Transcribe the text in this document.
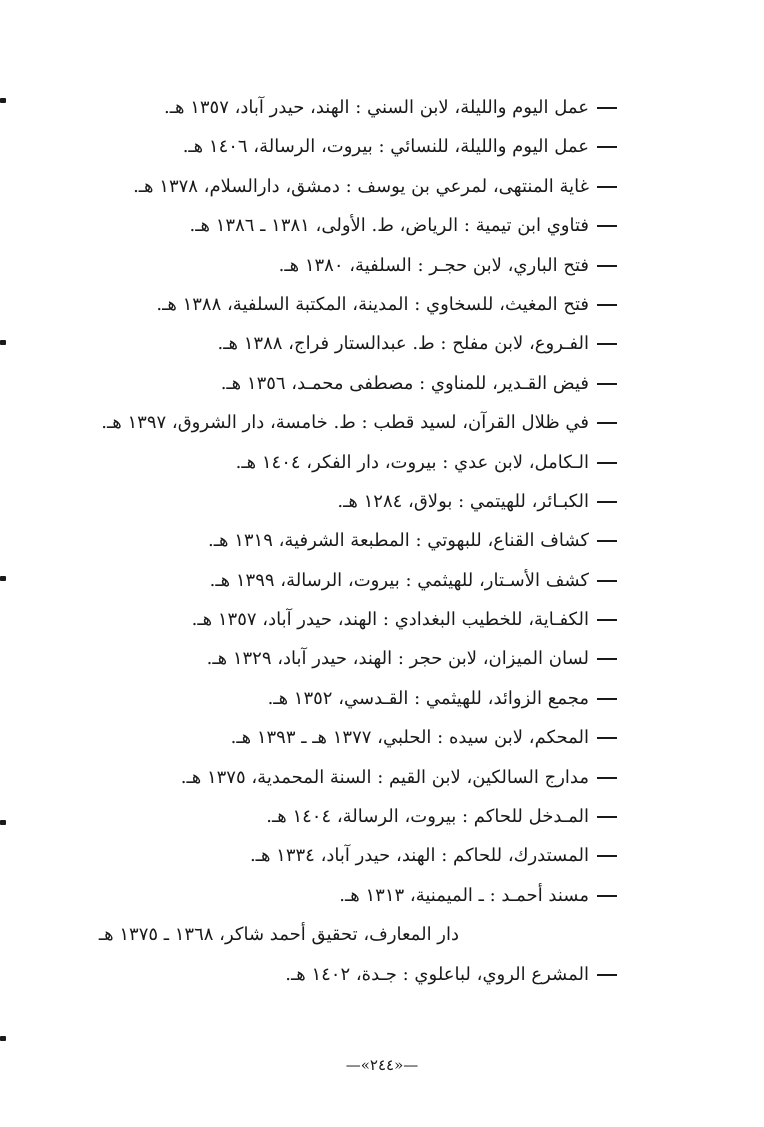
عمل اليوم والليلة، لابن السني : الهند، حيدر آباد، ١٣٥٧ هـ.
عمل اليوم والليلة، للنسائي : بيروت، الرسالة، ١٤٠٦ هـ.
غاية المنتهى، لمرعي بن يوسف : دمشق، دارالسلام، ١٣٧٨ هـ.
فتاوي ابن تيمية : الرياض، ط. الأولى، ١٣٨١ ـ ١٣٨٦ هـ.
فتح الباري، لابن حجـر : السلفية، ١٣٨٠ هـ.
فتح المغيث، للسخاوي : المدينة، المكتبة السلفية، ١٣٨٨ هـ.
الفـروع، لابن مفلح : ط. عبدالستار فراج، ١٣٨٨ هـ.
فيض القـدير، للمناوي : مصطفى محمـد، ١٣٥٦ هـ.
في ظلال القرآن، لسيد قطب : ط. خامسة، دار الشروق، ١٣٩٧ هـ.
الـكامل، لابن عدي : بيروت، دار الفكر، ١٤٠٤ هـ.
الكبـائر، للهيتمي : بولاق، ١٢٨٤ هـ.
كشاف القناع، للبهوتي : المطبعة الشرفية، ١٣١٩ هـ.
كشف الأسـتار، للهيثمي : بيروت، الرسالة، ١٣٩٩ هـ.
الكفـاية، للخطيب البغدادي : الهند، حيدر آباد، ١٣٥٧ هـ.
لسان الميزان، لابن حجر : الهند، حيدر آباد، ١٣٢٩ هـ.
مجمع الزوائد، للهيثمي : القـدسي، ١٣٥٢ هـ.
المحكم، لابن سيده : الحلبي، ١٣٧٧ هـ ـ ١٣٩٣ هـ.
مدارج السالكين، لابن القيم : السنة المحمدية، ١٣٧٥ هـ.
المـدخل للحاكم : بيروت، الرسالة، ١٤٠٤ هـ.
المستدرك، للحاكم : الهند، حيدر آباد، ١٣٣٤ هـ.
مسند أحمـد : ـ الميمنية، ١٣١٣ هـ.
دار المعارف، تحقيق أحمد شاكر، ١٣٦٨ ـ ١٣٧٥ هـ
المشرع الروي، لباعلوي : جـدة، ١٤٠٢ هـ.
—«٢٤٤»—
